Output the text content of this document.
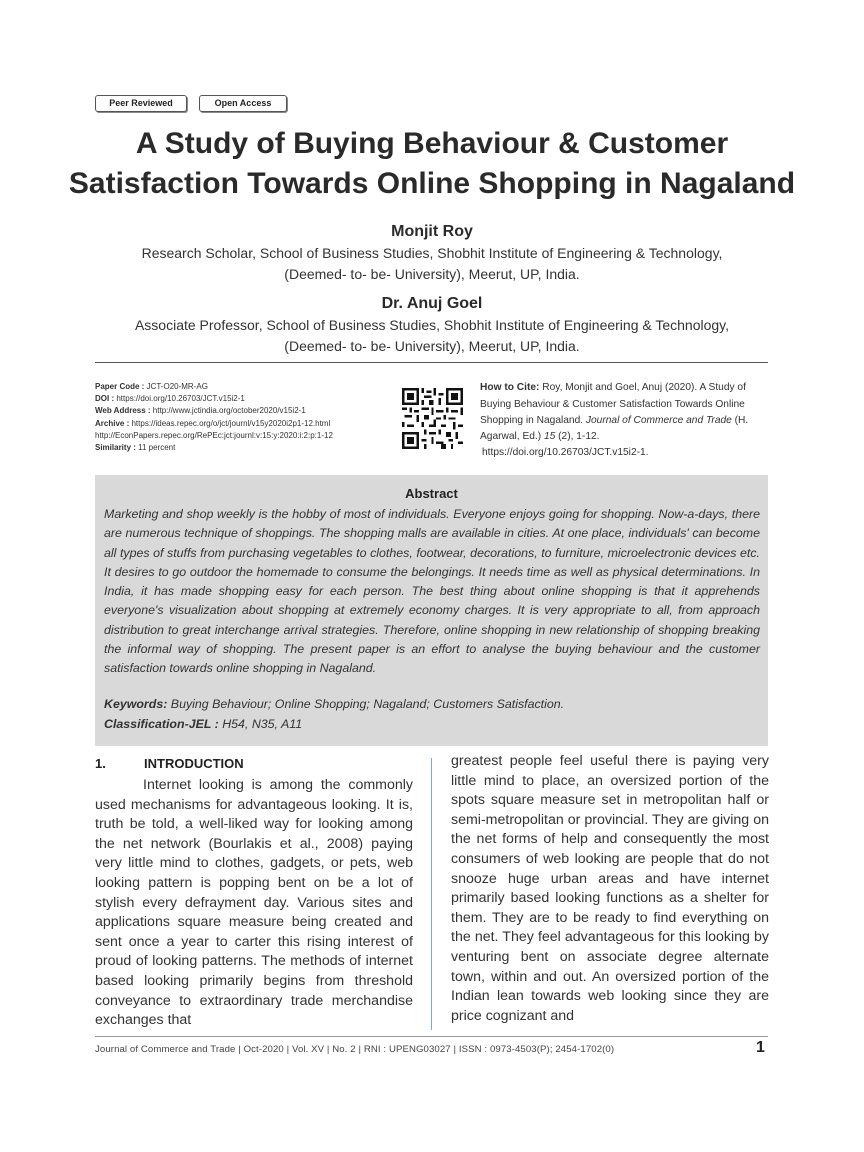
Peer Reviewed	Open Access
A Study of Buying Behaviour & Customer
Satisfaction Towards Online Shopping in Nagaland
Monjit Roy
Research Scholar, School of Business Studies, Shobhit Institute of Engineering & Technology,
(Deemed- to- be- University), Meerut, UP, India.
Dr. Anuj Goel
Associate Professor, School of Business Studies, Shobhit Institute of Engineering & Technology,
(Deemed- to- be- University), Meerut, UP, India.
Paper Code : JCT-O20-MR-AG
DOI : https://doi.org/10.26703/JCT.v15i2-1
Web Address : http://www.jctindia.org/october2020/v15i2-1
Archive : https://ideas.repec.org/o/jct/journl/v15y2020i2p1-12.html
http://EconPapers.repec.org/RePEc:jct:journl:v:15:y:2020:i:2:p:1-12
Similarity : 11 percent
How to Cite: Roy, Monjit and Goel, Anuj (2020). A Study of
Buying Behaviour & Customer Satisfaction Towards Online
Shopping in Nagaland. Journal of Commerce and Trade (H.
Agarwal, Ed.) 15 (2), 1-12.
https://doi.org/10.26703/JCT.v15i2-1.
Abstract
Marketing and shop weekly is the hobby of most of individuals. Everyone enjoys going for shopping. Now-a-days, there are numerous technique of shoppings. The shopping malls are available in cities. At one place, individuals' can become all types of stuffs from purchasing vegetables to clothes, footwear, decorations, to furniture, microelectronic devices etc. It desires to go outdoor the homemade to consume the belongings. It needs time as well as physical determinations. In India, it has made shopping easy for each person. The best thing about online shopping is that it apprehends everyone's visualization about shopping at extremely economy charges. It is very appropriate to all, from approach distribution to great interchange arrival strategies. Therefore, online shopping in new relationship of shopping breaking the informal way of shopping. The present paper is an effort to analyse the buying behaviour and the customer satisfaction towards online shopping in Nagaland.
Keywords: Buying Behaviour; Online Shopping; Nagaland; Customers Satisfaction.
Classification-JEL : H54, N35, A11
1.	INTRODUCTION
Internet looking is among the commonly used mechanisms for advantageous looking. It is, truth be told, a well-liked way for looking among the net network (Bourlakis et al., 2008) paying very little mind to clothes, gadgets, or pets, web looking pattern is popping bent on be a lot of stylish every defrayment day. Various sites and applications square measure being created and sent once a year to carter this rising interest of proud of looking patterns. The methods of internet based looking primarily begins from threshold conveyance to extraordinary trade merchandise exchanges that
greatest people feel useful there is paying very little mind to place, an oversized portion of the spots square measure set in metropolitan half or semi-metropolitan or provincial. They are giving on the net forms of help and consequently the most consumers of web looking are people that do not snooze huge urban areas and have internet primarily based looking functions as a shelter for them. They are to be ready to find everything on the net. They feel advantageous for this looking by venturing bent on associate degree alternate town, within and out. An oversized portion of the Indian lean towards web looking since they are price cognizant and
Journal of Commerce and Trade | Oct-2020 | Vol. XV | No. 2 | RNI : UPENG03027 | ISSN : 0973-4503(P); 2454-1702(0)	1
